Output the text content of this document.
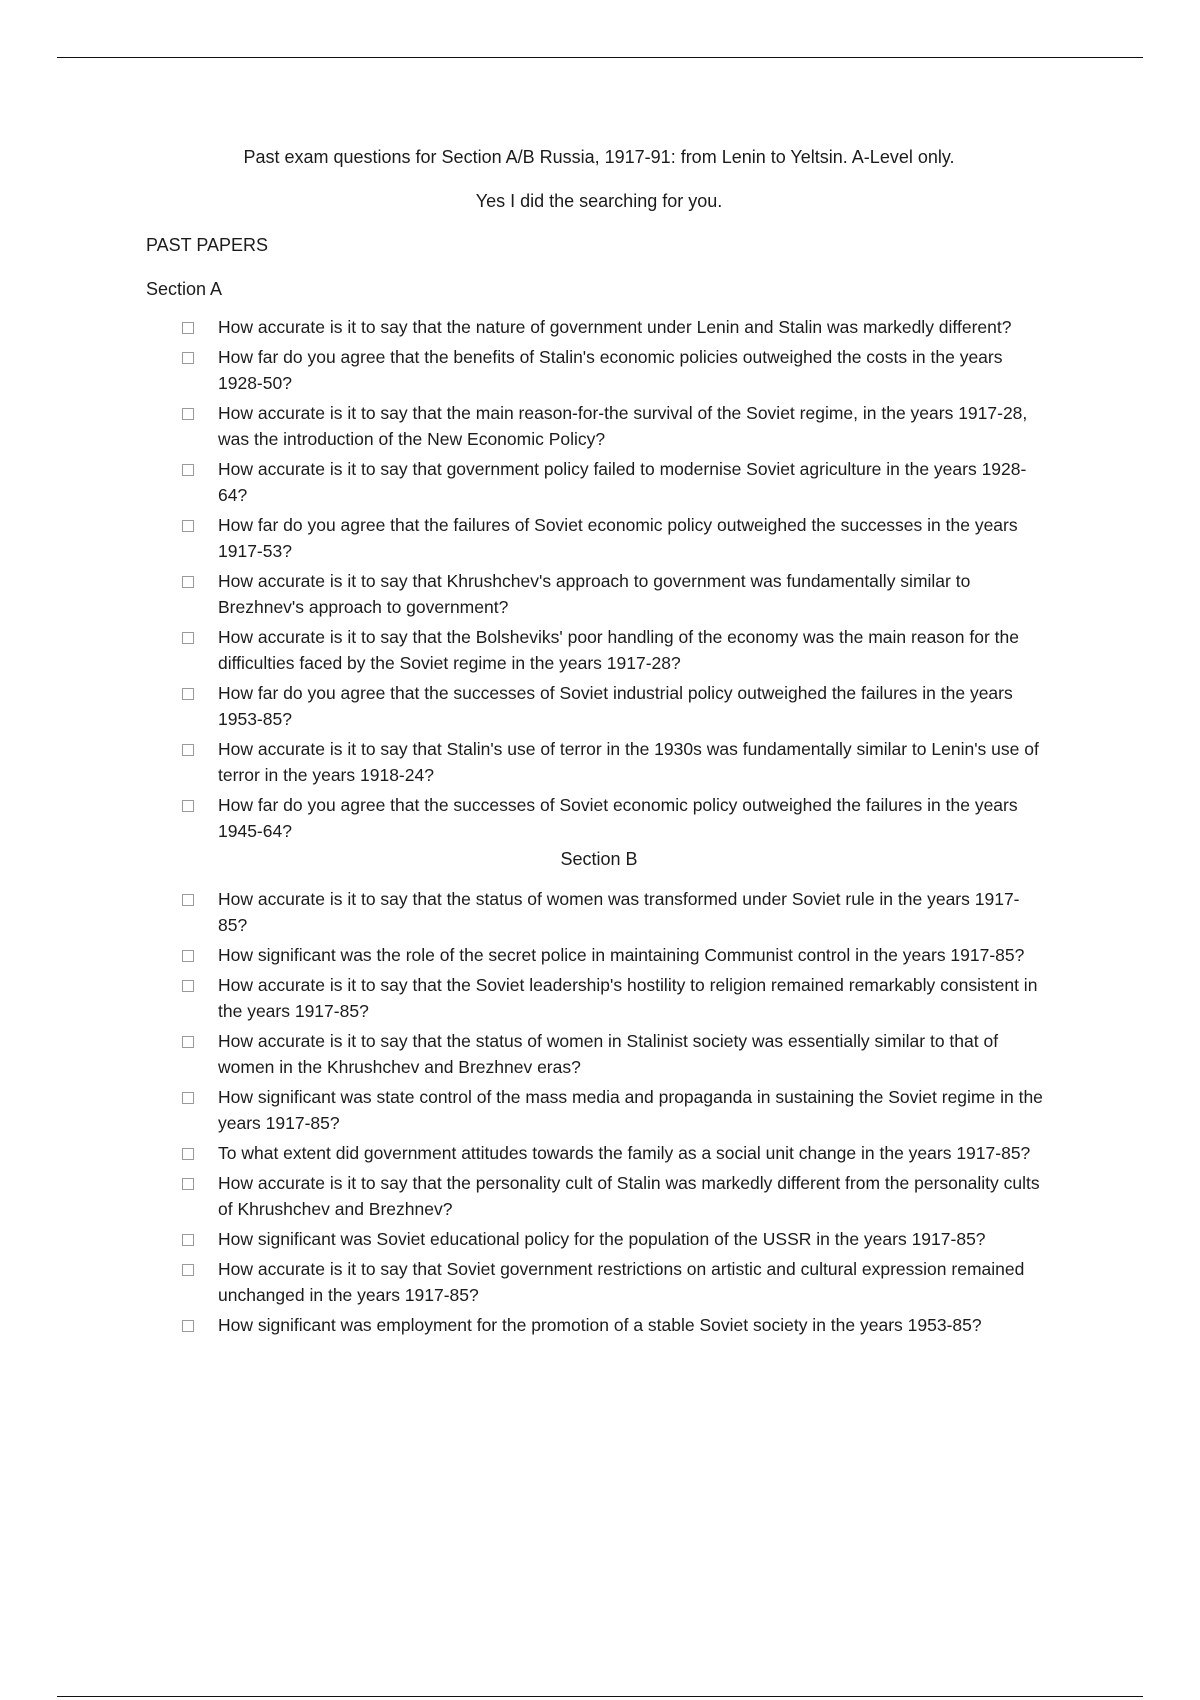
Past exam questions for Section A/B Russia, 1917-91: from Lenin to Yeltsin. A-Level only.

Yes I did the searching for you.

PAST PAPERS

Section A

How accurate is it to say that the nature of government under Lenin and Stalin was markedly different?
How far do you agree that the benefits of Stalin's economic policies outweighed the costs in the years 1928-50?
How accurate is it to say that the main reason-for-the survival of the Soviet regime, in the years 1917-28, was the introduction of the New Economic Policy?
How accurate is it to say that government policy failed to modernise Soviet agriculture in the years 1928-64?
How far do you agree that the failures of Soviet economic policy outweighed the successes in the years 1917-53?
How accurate is it to say that Khrushchev's approach to government was fundamentally similar to Brezhnev's approach to government?
How accurate is it to say that the Bolsheviks' poor handling of the economy was the main reason for the difficulties faced by the Soviet regime in the years 1917-28?
How far do you agree that the successes of Soviet industrial policy outweighed the failures in the years 1953-85?
How accurate is it to say that Stalin's use of terror in the 1930s was fundamentally similar to Lenin's use of terror in the years 1918-24?
How far do you agree that the successes of Soviet economic policy outweighed the failures in the years 1945-64?

Section B

How accurate is it to say that the status of women was transformed under Soviet rule in the years 1917-85?
How significant was the role of the secret police in maintaining Communist control in the years 1917-85?
How accurate is it to say that the Soviet leadership's hostility to religion remained remarkably consistent in the years 1917-85?
How accurate is it to say that the status of women in Stalinist society was essentially similar to that of women in the Khrushchev and Brezhnev eras?
How significant was state control of the mass media and propaganda in sustaining the Soviet regime in the years 1917-85?
To what extent did government attitudes towards the family as a social unit change in the years 1917-85?
How accurate is it to say that the personality cult of Stalin was markedly different from the personality cults of Khrushchev and Brezhnev?
How significant was Soviet educational policy for the population of the USSR in the years 1917-85?
How accurate is it to say that Soviet government restrictions on artistic and cultural expression remained unchanged in the years 1917-85?
How significant was employment for the promotion of a stable Soviet society in the years 1953-85?
